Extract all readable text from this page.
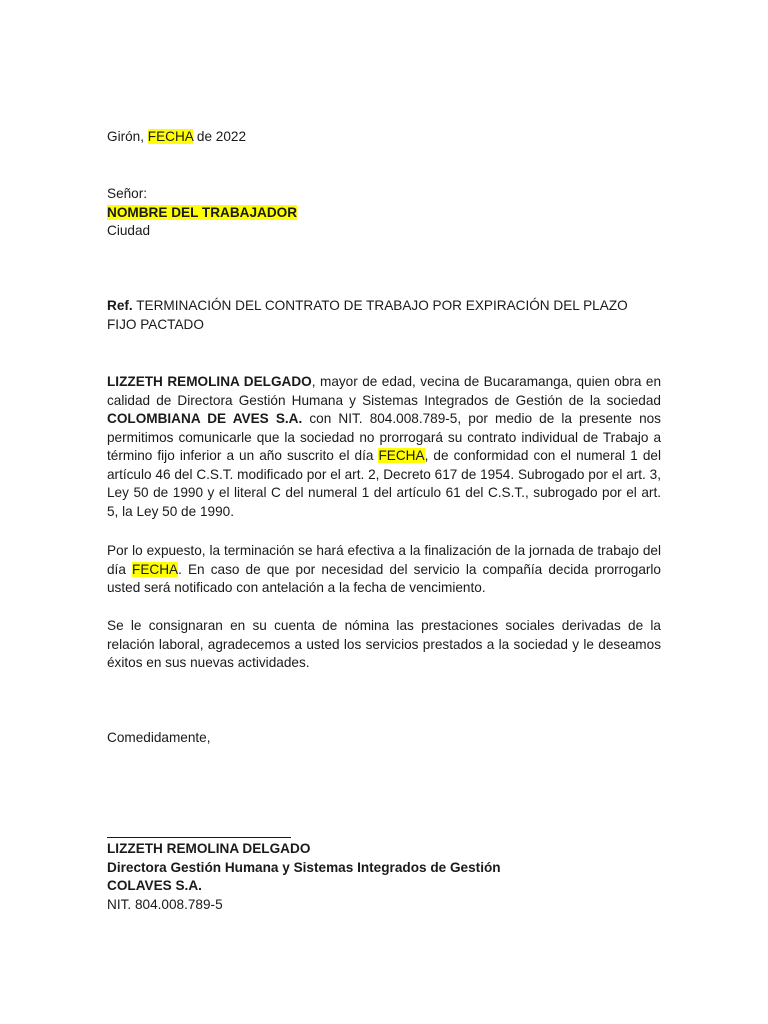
Girón, FECHA de 2022
Señor:
NOMBRE DEL TRABAJADOR
Ciudad
Ref. TERMINACIÓN DEL CONTRATO DE TRABAJO POR EXPIRACIÓN DEL PLAZO FIJO PACTADO
LIZZETH REMOLINA DELGADO, mayor de edad, vecina de Bucaramanga, quien obra en calidad de Directora Gestión Humana y Sistemas Integrados de Gestión de la sociedad COLOMBIANA DE AVES S.A. con NIT. 804.008.789-5, por medio de la presente nos permitimos comunicarle que la sociedad no prorrogará su contrato individual de Trabajo a término fijo inferior a un año suscrito el día FECHA, de conformidad con el numeral 1 del artículo 46 del C.S.T. modificado por el art. 2, Decreto 617 de 1954. Subrogado por el art. 3, Ley 50 de 1990 y el literal C del numeral 1 del artículo 61 del C.S.T., subrogado por el art. 5, la Ley 50 de 1990.
Por lo expuesto, la terminación se hará efectiva a la finalización de la jornada de trabajo del día FECHA. En caso de que por necesidad del servicio la compañía decida prorrogarlo usted será notificado con antelación a la fecha de vencimiento.
Se le consignaran en su cuenta de nómina las prestaciones sociales derivadas de la relación laboral, agradecemos a usted los servicios prestados a la sociedad y le deseamos éxitos en sus nuevas actividades.
Comedidamente,
LIZZETH REMOLINA DELGADO
Directora Gestión Humana y Sistemas Integrados de Gestión
COLAVES S.A.
NIT. 804.008.789-5
